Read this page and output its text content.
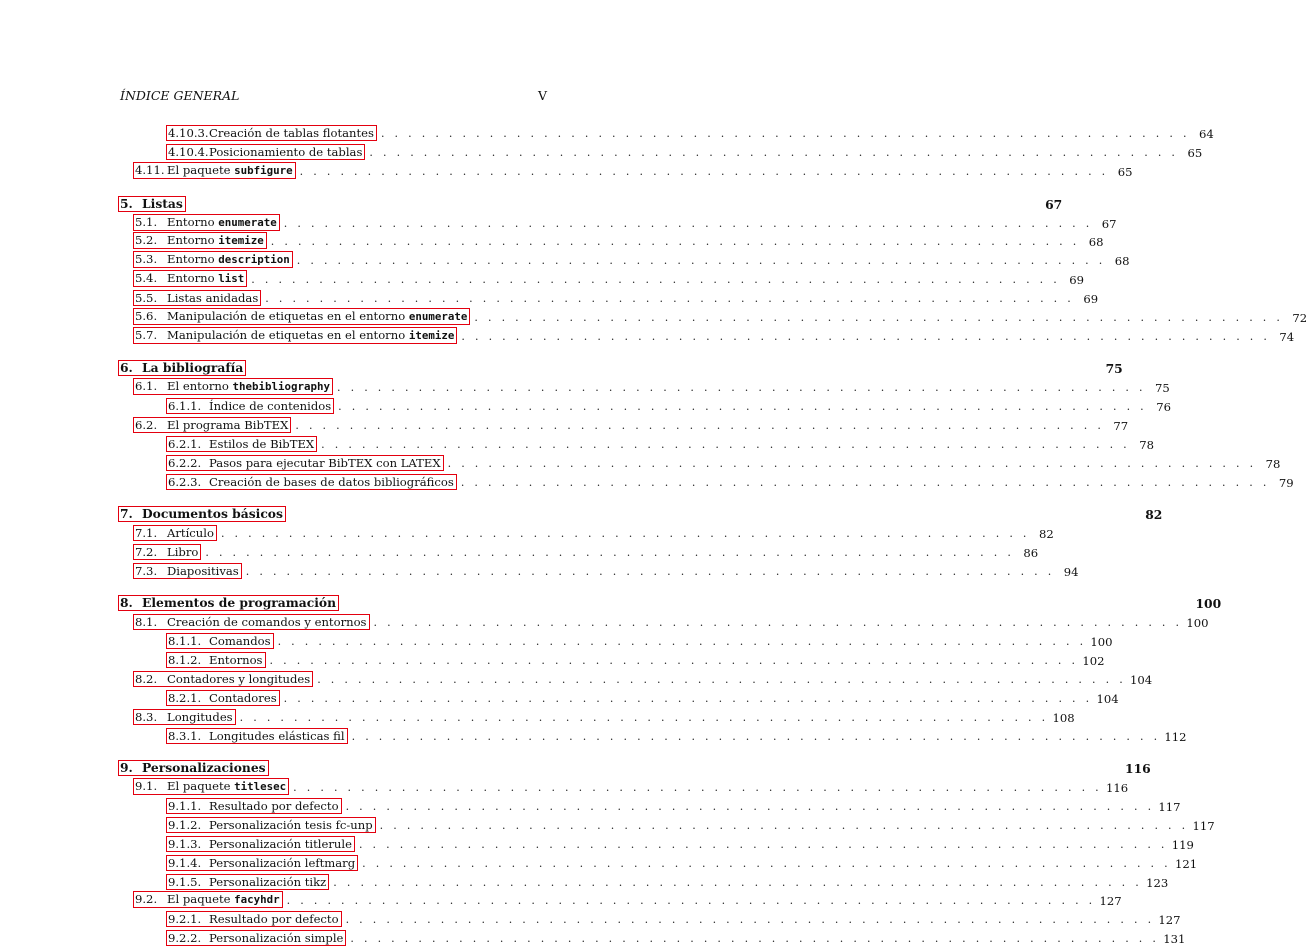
ÍNDICE GENERAL	V
4.10.3. Creación de tablas flotantes . . . . . . . . . . . . . . . . . . . . . . . . . . . . . . . . . . . . . . . . . . . . . . . . . . . . . . . . . . . . 64
4.10.4. Posicionamiento de tablas . . . . . . . . . . . . . . . . . . . . . . . . . . . . . . . . . . . . . . . . . . . . . . . . . . . . . . . . . . . . 65
4.11. El paquete subfigure . . . . . . . . . . . . . . . . . . . . . . . . . . . . . . . . . . . . . . . . . . . . . . . . . . . . . . . . . . . . 65
5. Listas	67
5.1. Entorno enumerate . . . . . . . . . . . . . . . . . . . . . . . . . . . . . . . . . . . . . . . . . . . . . . . . . . . . . . . . . . . . 67
5.2. Entorno itemize . . . . . . . . . . . . . . . . . . . . . . . . . . . . . . . . . . . . . . . . . . . . . . . . . . . . . . . . . . . . 68
5.3. Entorno description . . . . . . . . . . . . . . . . . . . . . . . . . . . . . . . . . . . . . . . . . . . . . . . . . . . . . . . . . . . . 68
5.4. Entorno list . . . . . . . . . . . . . . . . . . . . . . . . . . . . . . . . . . . . . . . . . . . . . . . . . . . . . . . . . . . . 69
5.5. Listas anidadas . . . . . . . . . . . . . . . . . . . . . . . . . . . . . . . . . . . . . . . . . . . . . . . . . . . . . . . . . . . . 69
5.6. Manipulación de etiquetas en el entorno enumerate . . . . . . . . . . . . . . . . . . . . . . . . . . . . . . . . . . . . . . . . . . . . . . . . . . . . . . . . . . . . 72
5.7. Manipulación de etiquetas en el entorno itemize . . . . . . . . . . . . . . . . . . . . . . . . . . . . . . . . . . . . . . . . . . . . . . . . . . . . . . . . . . . . 74
6. La bibliografía	75
6.1. El entorno thebibliography . . . . . . . . . . . . . . . . . . . . . . . . . . . . . . . . . . . . . . . . . . . . . . . . . . . . . . . . . . . . 75
6.1.1. Índice de contenidos . . . . . . . . . . . . . . . . . . . . . . . . . . . . . . . . . . . . . . . . . . . . . . . . . . . . . . . . . . . . 76
6.2. El programa BibTEX . . . . . . . . . . . . . . . . . . . . . . . . . . . . . . . . . . . . . . . . . . . . . . . . . . . . . . . . . . . . 77
6.2.1. Estilos de BibTEX . . . . . . . . . . . . . . . . . . . . . . . . . . . . . . . . . . . . . . . . . . . . . . . . . . . . . . . . . . . . 78
6.2.2. Pasos para ejecutar BibTEX con LATEX . . . . . . . . . . . . . . . . . . . . . . . . . . . . . . . . . . . . . . . . . . . . . . . . . . . . . . . . . . . . 78
6.2.3. Creación de bases de datos bibliográficos . . . . . . . . . . . . . . . . . . . . . . . . . . . . . . . . . . . . . . . . . . . . . . . . . . . . . . . . . . . . 79
7. Documentos básicos	82
7.1. Artículo . . . . . . . . . . . . . . . . . . . . . . . . . . . . . . . . . . . . . . . . . . . . . . . . . . . . . . . . . . . . 82
7.2. Libro . . . . . . . . . . . . . . . . . . . . . . . . . . . . . . . . . . . . . . . . . . . . . . . . . . . . . . . . . . . . 86
7.3. Diapositivas . . . . . . . . . . . . . . . . . . . . . . . . . . . . . . . . . . . . . . . . . . . . . . . . . . . . . . . . . . . . 94
8. Elementos de programación	100
8.1. Creación de comandos y entornos . . . . . . . . . . . . . . . . . . . . . . . . . . . . . . . . . . . . . . . . . . . . . . . . . . . . . . . . . . . . 100
8.1.1. Comandos . . . . . . . . . . . . . . . . . . . . . . . . . . . . . . . . . . . . . . . . . . . . . . . . . . . . . . . . . . . . 100
8.1.2. Entornos . . . . . . . . . . . . . . . . . . . . . . . . . . . . . . . . . . . . . . . . . . . . . . . . . . . . . . . . . . . . 102
8.2. Contadores y longitudes . . . . . . . . . . . . . . . . . . . . . . . . . . . . . . . . . . . . . . . . . . . . . . . . . . . . . . . . . . . . 104
8.2.1. Contadores . . . . . . . . . . . . . . . . . . . . . . . . . . . . . . . . . . . . . . . . . . . . . . . . . . . . . . . . . . . . 104
8.3. Longitudes . . . . . . . . . . . . . . . . . . . . . . . . . . . . . . . . . . . . . . . . . . . . . . . . . . . . . . . . . . . . 108
8.3.1. Longitudes elásticas fil . . . . . . . . . . . . . . . . . . . . . . . . . . . . . . . . . . . . . . . . . . . . . . . . . . . . . . . . . . . . 112
9. Personalizaciones	116
9.1. El paquete titlesec . . . . . . . . . . . . . . . . . . . . . . . . . . . . . . . . . . . . . . . . . . . . . . . . . . . . . . . . . . . . 116
9.1.1. Resultado por defecto . . . . . . . . . . . . . . . . . . . . . . . . . . . . . . . . . . . . . . . . . . . . . . . . . . . . . . . . . . . . 117
9.1.2. Personalización tesis fc-unp . . . . . . . . . . . . . . . . . . . . . . . . . . . . . . . . . . . . . . . . . . . . . . . . . . . . . . . . . . . . 117
9.1.3. Personalización titlerule . . . . . . . . . . . . . . . . . . . . . . . . . . . . . . . . . . . . . . . . . . . . . . . . . . . . . . . . . . . . 119
9.1.4. Personalización leftmarg . . . . . . . . . . . . . . . . . . . . . . . . . . . . . . . . . . . . . . . . . . . . . . . . . . . . . . . . . . . . 121
9.1.5. Personalización tikz . . . . . . . . . . . . . . . . . . . . . . . . . . . . . . . . . . . . . . . . . . . . . . . . . . . . . . . . . . . . 123
9.2. El paquete facyhdr . . . . . . . . . . . . . . . . . . . . . . . . . . . . . . . . . . . . . . . . . . . . . . . . . . . . . . . . . . . . 127
9.2.1. Resultado por defecto . . . . . . . . . . . . . . . . . . . . . . . . . . . . . . . . . . . . . . . . . . . . . . . . . . . . . . . . . . . . 127
9.2.2. Personalización simple . . . . . . . . . . . . . . . . . . . . . . . . . . . . . . . . . . . . . . . . . . . . . . . . . . . . . . . . . . . . 131
